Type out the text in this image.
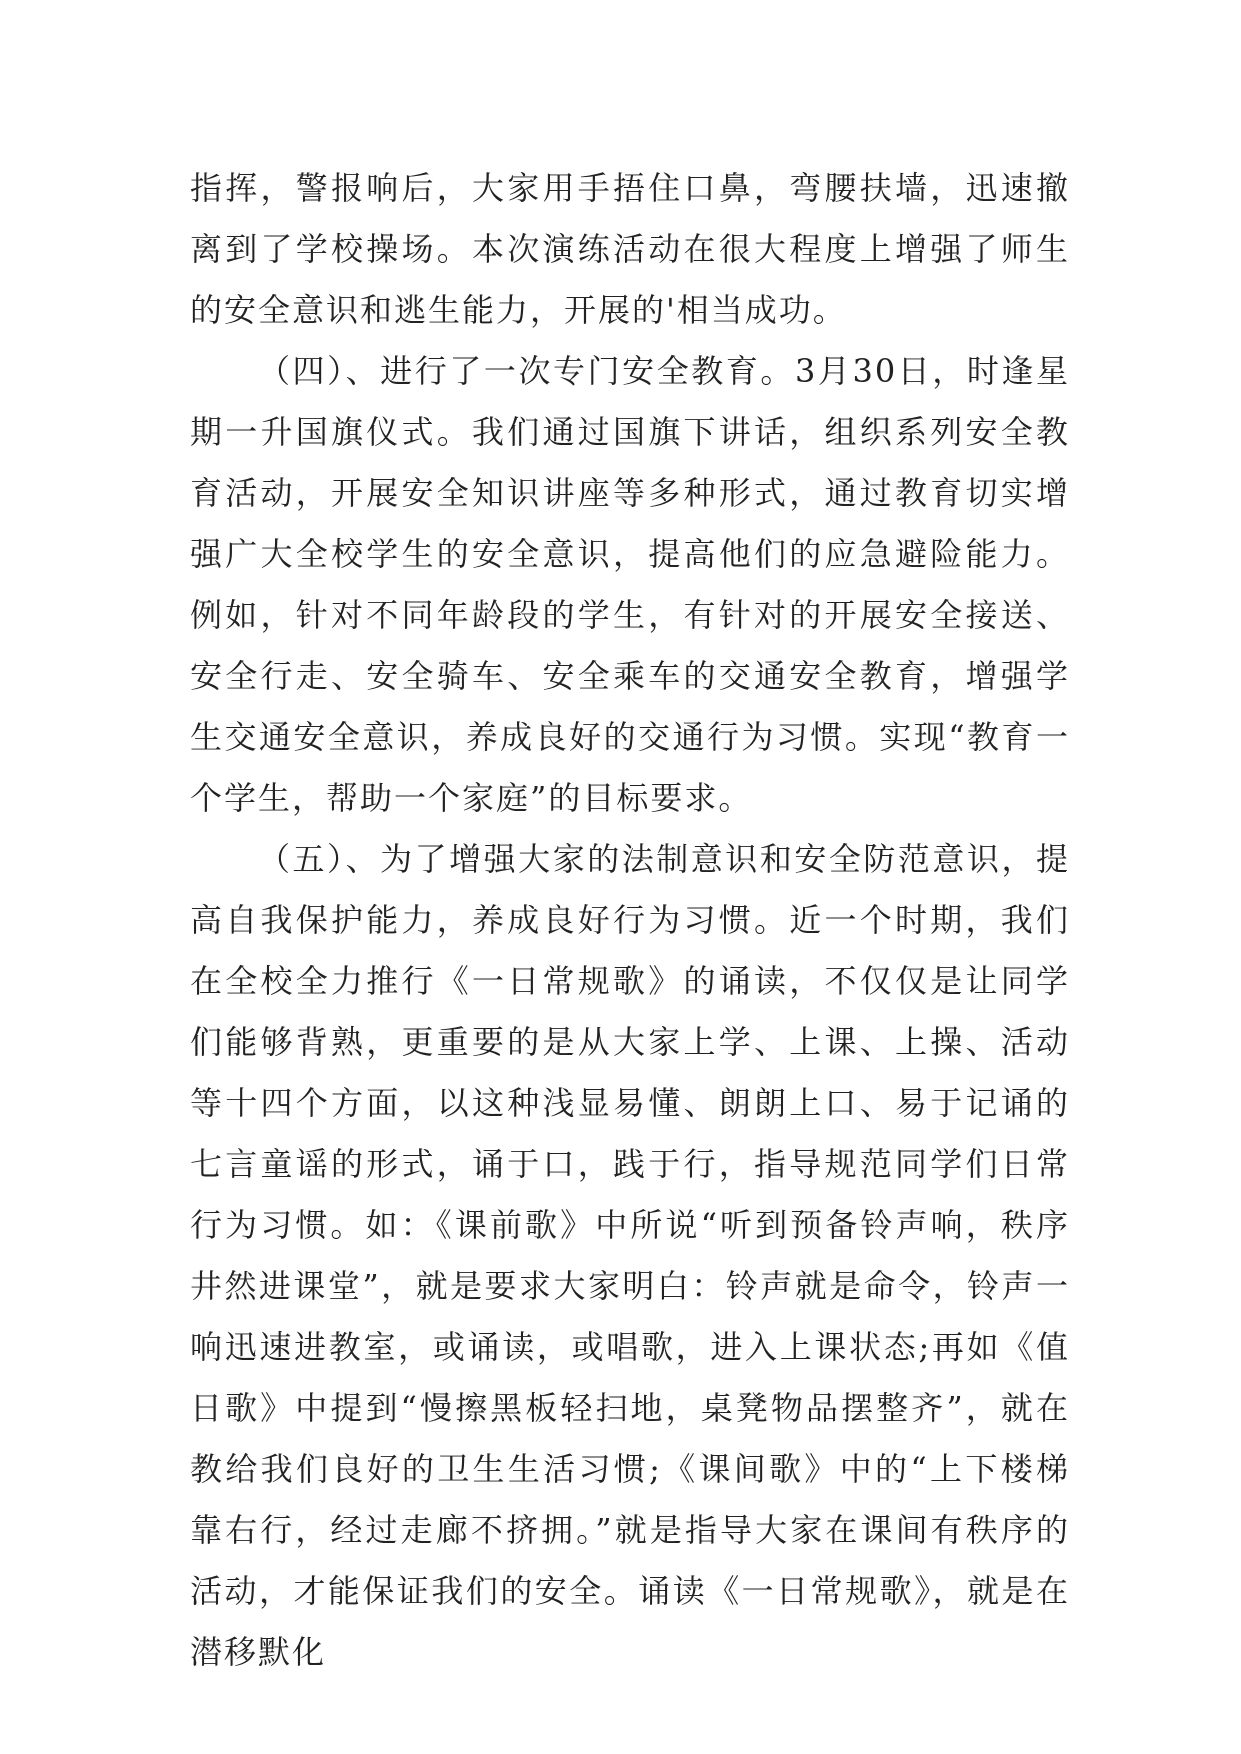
指挥，警报响后，大家用手捂住口鼻，弯腰扶墙，迅速撤离到了学校操场。本次演练活动在很大程度上增强了师生的安全意识和逃生能力，开展的'相当成功。

（四）、进行了一次专门安全教育。3月30日，时逢星期一升国旗仪式。我们通过国旗下讲话，组织系列安全教育活动，开展安全知识讲座等多种形式，通过教育切实增强广大全校学生的安全意识，提高他们的应急避险能力。例如，针对不同年龄段的学生，有针对的开展安全接送、安全行走、安全骑车、安全乘车的交通安全教育，增强学生交通安全意识，养成良好的交通行为习惯。实现“教育一个学生，帮助一个家庭”的目标要求。

（五）、为了增强大家的法制意识和安全防范意识，提高自我保护能力，养成良好行为习惯。近一个时期，我们在全校全力推行《一日常规歌》的诵读，不仅仅是让同学们能够背熟，更重要的是从大家上学、上课、上操、活动等十四个方面，以这种浅显易懂、朗朗上口、易于记诵的七言童谣的形式，诵于口，践于行，指导规范同学们日常行为习惯。如：《课前歌》中所说“听到预备铃声响，秩序井然进课堂”，就是要求大家明白：铃声就是命令，铃声一响迅速进教室，或诵读，或唱歌，进入上课状态;再如《值日歌》中提到“慢擦黑板轻扫地，桌凳物品摆整齐”，就在教给我们良好的卫生生活习惯;《课间歌》中的“上下楼梯靠右行，经过走廊不挤拥。”就是指导大家在课间有秩序的活动，才能保证我们的安全。诵读《一日常规歌》，就是在潜移默化
